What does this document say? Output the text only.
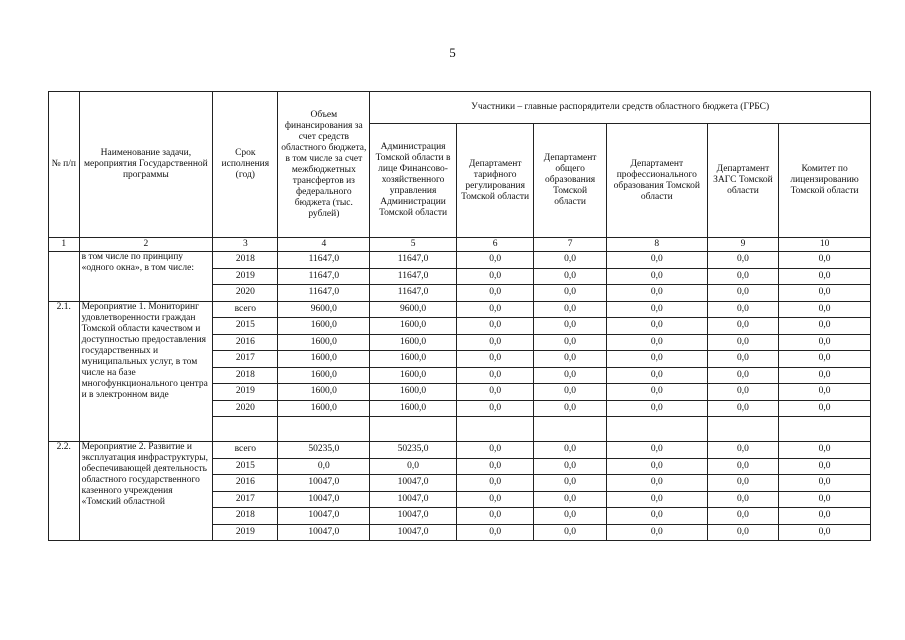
5
№ п/п	Наименование задачи, мероприятия Государственной программы	Срок исполнения (год)	Объем финансирования за счет средств областного бюджета, в том числе за счет межбюджетных трансфертов из федерального бюджета (тыс. рублей)	Участники – главные распорядители средств областного бюджета (ГРБС)					
				Администрация Томской области в лице Финансово-хозяйственного управления Администрации Томской области	Департамент тарифного регулирования Томской области	Департамент общего образования Томской области	Департамент профессионального образования Томской области	Департамент ЗАГС Томской области	Комитет по лицензированию Томской области
1	2	3	4	5	6	7	8	9	10
	в том числе по принципу «одного окна», в том числе:	2018	11647,0	11647,0	0,0	0,0	0,0	0,0	0,0
		2019	11647,0	11647,0	0,0	0,0	0,0	0,0	0,0
		2020	11647,0	11647,0	0,0	0,0	0,0	0,0	0,0
2.1.	Мероприятие 1. Мониторинг удовлетворенности граждан Томской области качеством и доступностью предоставления государственных и муниципальных услуг, в том числе на базе многофункционального центра и в электронном виде	всего	9600,0	9600,0	0,0	0,0	0,0	0,0	0,0
		2015	1600,0	1600,0	0,0	0,0	0,0	0,0	0,0
		2016	1600,0	1600,0	0,0	0,0	0,0	0,0	0,0
		2017	1600,0	1600,0	0,0	0,0	0,0	0,0	0,0
		2018	1600,0	1600,0	0,0	0,0	0,0	0,0	0,0
		2019	1600,0	1600,0	0,0	0,0	0,0	0,0	0,0
		2020	1600,0	1600,0	0,0	0,0	0,0	0,0	0,0

2.2.	Мероприятие 2. Развитие и эксплуатация инфраструктуры, обеспечивающей деятельность областного государственного казенного учреждения «Томский областной	всего	50235,0	50235,0	0,0	0,0	0,0	0,0	0,0
		2015	0,0	0,0	0,0	0,0	0,0	0,0	0,0
		2016	10047,0	10047,0	0,0	0,0	0,0	0,0	0,0
		2017	10047,0	10047,0	0,0	0,0	0,0	0,0	0,0
		2018	10047,0	10047,0	0,0	0,0	0,0	0,0	0,0
		2019	10047,0	10047,0	0,0	0,0	0,0	0,0	0,0
